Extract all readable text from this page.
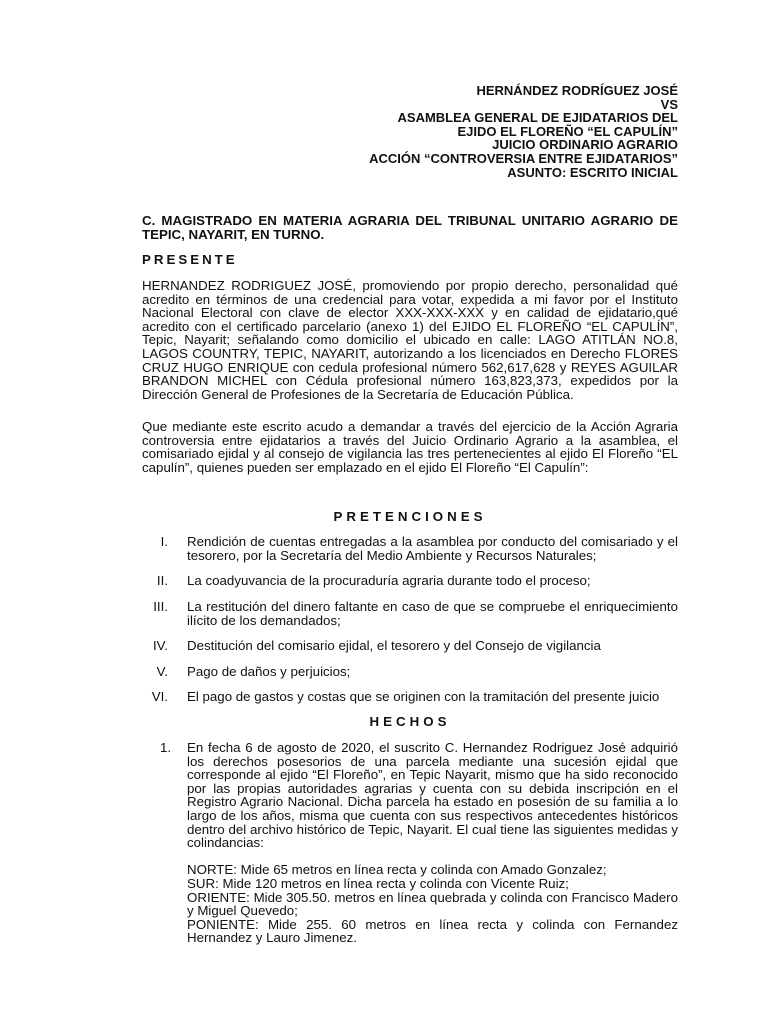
HERNÁNDEZ RODRÍGUEZ JOSÉ
VS
ASAMBLEA GENERAL DE EJIDATARIOS DEL
EJIDO EL FLOREÑO “EL CAPULÍN”
JUICIO ORDINARIO AGRARIO
ACCIÓN “CONTROVERSIA ENTRE EJIDATARIOS”
ASUNTO: ESCRITO INICIAL
C. MAGISTRADO EN MATERIA AGRARIA DEL TRIBUNAL UNITARIO AGRARIO DE TEPIC, NAYARIT, EN TURNO.
PRESENTE
HERNANDEZ RODRIGUEZ JOSÉ, promoviendo por propio derecho, personalidad qué acredito en términos de una credencial para votar, expedida a mi favor por el Instituto Nacional Electoral con clave de elector XXX-XXX-XXX y en calidad de ejidatario,qué acredito con el certificado parcelario (anexo 1) del EJIDO EL FLOREÑO “EL CAPULÍN”, Tepic, Nayarit; señalando como domicilio el ubicado en calle: LAGO ATITLÁN NO.8, LAGOS COUNTRY, TEPIC, NAYARIT, autorizando a los licenciados en Derecho FLORES CRUZ HUGO ENRIQUE con cedula profesional número 562,617,628 y REYES AGUILAR BRANDON MICHEL con Cédula profesional número 163,823,373, expedidos por la Dirección General de Profesiones de la Secretaría de Educación Pública.
Que mediante este escrito acudo a demandar a través del ejercicio de la Acción Agraria controversia entre ejidatarios a través del Juicio Ordinario Agrario a la asamblea, el comisariado ejidal y al consejo de vigilancia las tres pertenecientes al ejido El Floreño “EL capulín”, quienes pueden ser emplazado en el ejido El Floreño “El Capulín”:
PRETENCIONES
I. Rendición de cuentas entregadas a la asamblea por conducto del comisariado y el tesorero, por la Secretaría del Medio Ambiente y Recursos Naturales;
II. La coadyuvancia de la procuraduría agraria durante todo el proceso;
III. La restitución del dinero faltante en caso de que se compruebe el enriquecimiento ilícito de los demandados;
IV. Destitución del comisario ejidal, el tesorero y del Consejo de vigilancia
V. Pago de daños y perjuicios;
VI. El pago de gastos y costas que se originen con la tramitación del presente juicio
HECHOS
1.	En fecha 6 de agosto de 2020, el suscrito C. Hernandez Rodriguez José adquirió los derechos posesorios de una parcela mediante una sucesión ejidal que corresponde al ejido “El Floreño”, en Tepic Nayarit, mismo que ha sido reconocido por las propias autoridades agrarias y cuenta con su debida inscripción en el Registro Agrario Nacional. Dicha parcela ha estado en posesión de su familia a lo largo de los años, misma que cuenta con sus respectivos antecedentes históricos dentro del archivo histórico de Tepic, Nayarit. El cual tiene las siguientes medidas y colindancias:
NORTE: Mide 65 metros en línea recta y colinda con Amado Gonzalez;
SUR: Mide 120 metros en línea recta y colinda con Vicente Ruiz;
ORIENTE: Mide 305.50. metros en línea quebrada y colinda con Francisco Madero y Miguel Quevedo;
PONIENTE: Mide 255. 60 metros en línea recta y colinda con Fernandez Hernandez y Lauro Jimenez.
